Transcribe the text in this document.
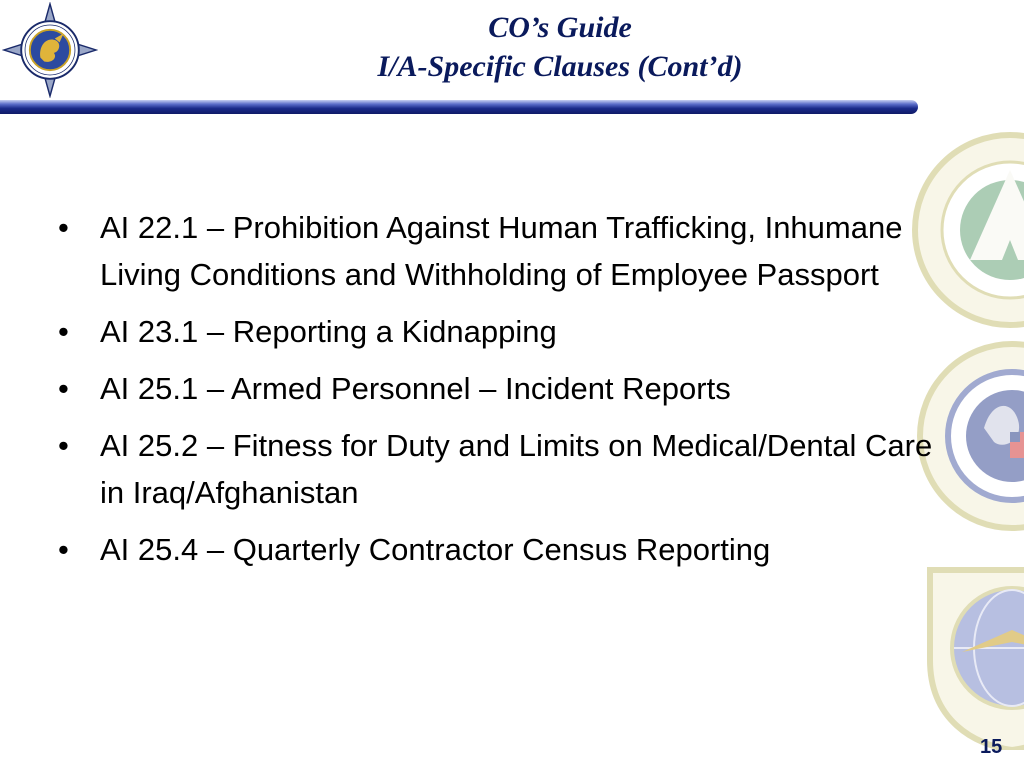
CO’s Guide
I/A-Specific Clauses (Cont’d)
• AI 22.1 – Prohibition Against Human Trafficking, Inhumane Living Conditions and Withholding of Employee Passport
• AI 23.1 – Reporting a Kidnapping
• AI 25.1 – Armed Personnel – Incident Reports
• AI 25.2 – Fitness for Duty and Limits on Medical/Dental Care in Iraq/Afghanistan
• AI 25.4 – Quarterly Contractor Census Reporting
15
